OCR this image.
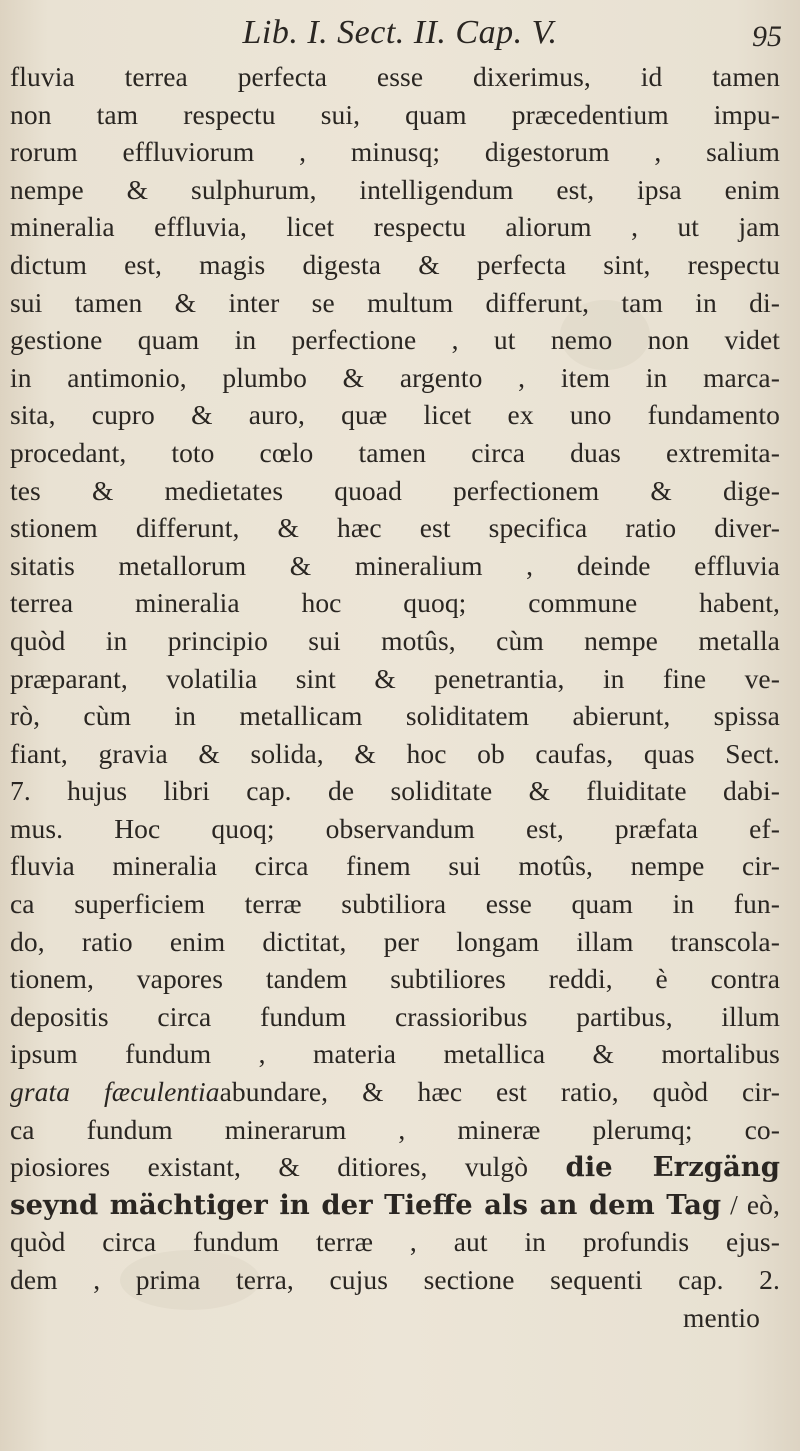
Lib. I. Sect. II. Cap. V.	95
fluvia terrea perfecta esse dixerimus, id tamen
non tam respectu sui, quam præcedentium impu-
rorum effluviorum , minusq; digestorum , salium
nempe & sulphurum, intelligendum est, ipsa enim
mineralia effluvia, licet respectu aliorum , ut jam
dictum est, magis digesta & perfecta sint, respectu
sui tamen & inter se multum differunt, tam in di-
gestione quam in perfectione , ut nemo non videt
in antimonio, plumbo & argento , item in marca-
sita, cupro & auro, quæ licet ex uno fundamento
procedant, toto cœlo tamen circa duas extremita-
tes & medietates quoad perfectionem & dige-
stionem differunt, & hæc est specifica ratio diver-
sitatis metallorum & mineralium , deinde effluvia
terrea mineralia hoc quoq; commune habent,
quòd in principio sui motûs, cùm nempe metalla
præparant, volatilia sint & penetrantia, in fine ve-
rò, cùm in metallicam soliditatem abierunt, spissa
fiant, gravia & solida, & hoc ob caufas, quas Sect.
7. hujus libri cap. de soliditate & fluiditate dabi-
mus. Hoc quoq; observandum est, præfata ef-
fluvia mineralia circa finem sui motûs, nempe cir-
ca superficiem terræ subtiliora esse quam in fun-
do, ratio enim dictitat, per longam illam transcola-
tionem, vapores tandem subtiliores reddi, è contra
depositis circa fundum crassioribus partibus, illum
ipsum fundum , materia metallica & mortalibus
grata fæculentiaabundare, & hæc est ratio, quòd cir-
ca fundum minerarum , mineræ plerumq; co-
piosiores existant, & ditiores, vulgò die Erzgäng
seynd mächtiger in der Tieffe als an dem Tag / eò,
quòd circa fundum terræ , aut in profundis ejus-
dem , prima terra, cujus sectione sequenti cap. 2.
mentio
